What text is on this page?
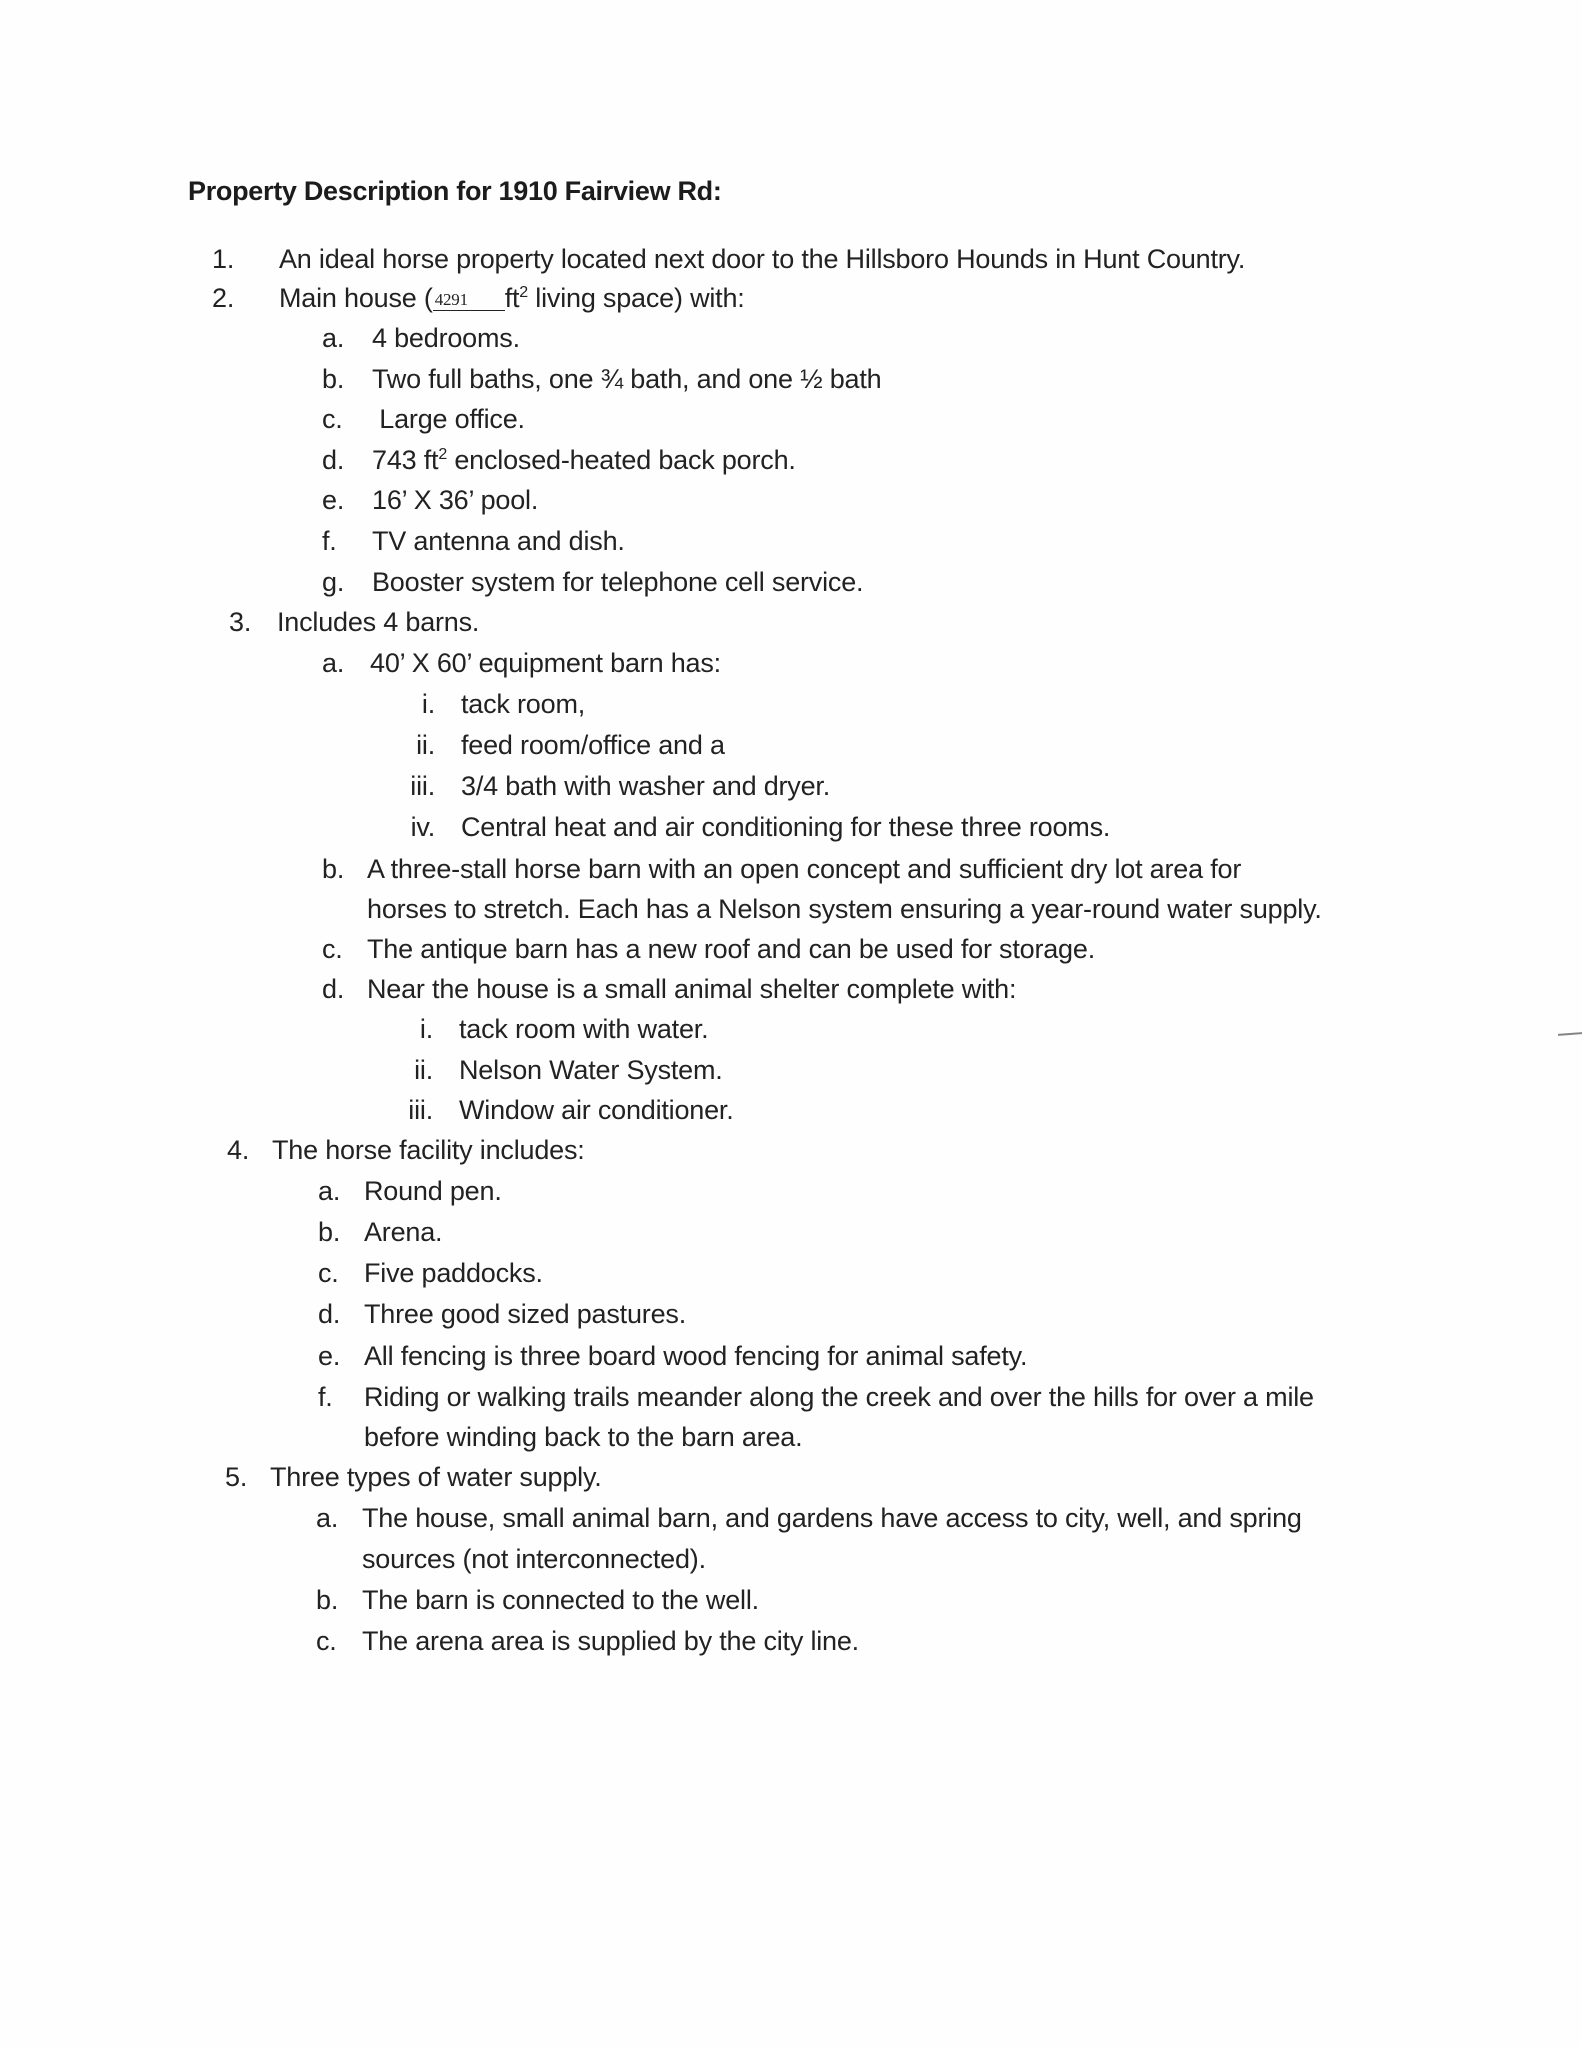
Property Description for 1910 Fairview Rd:
1.	An ideal horse property located next door to the Hillsboro Hounds in Hunt Country.
2.	Main house ( 4291 $ft^2$ living space) with:
a. 4 bedrooms.
b. Two full baths, one ¾ bath, and one ½ bath
c.	Large office.
d. 743 $ft^2$ enclosed-heated back porch.
e. 16’ X 36’ pool.
f.	TV antenna and dish.
g. Booster system for telephone cell service.
3. Includes 4 barns.
a. 40’ X 60’ equipment barn has:
i. tack room,
ii. feed room/office and a
iii. 3/4 bath with washer and dryer.
iv. Central heat and air conditioning for these three rooms.
b. A three-stall horse barn with an open concept and sufficient dry lot area for
horses to stretch. Each has a Nelson system ensuring a year-round water supply.
c. The antique barn has a new roof and can be used for storage.
d. Near the house is a small animal shelter complete with:
i. tack room with water.
ii. Nelson Water System.
iii. Window air conditioner.
4. The horse facility includes:
a. Round pen.
b. Arena.
c. Five paddocks.
d. Three good sized pastures.
e. All fencing is three board wood fencing for animal safety.
f.	Riding or walking trails meander along the creek and over the hills for over a mile
before winding back to the barn area.
5. Three types of water supply.
a. The house, small animal barn, and gardens have access to city, well, and spring
sources (not interconnected).
b. The barn is connected to the well.
c. The arena area is supplied by the city line.
